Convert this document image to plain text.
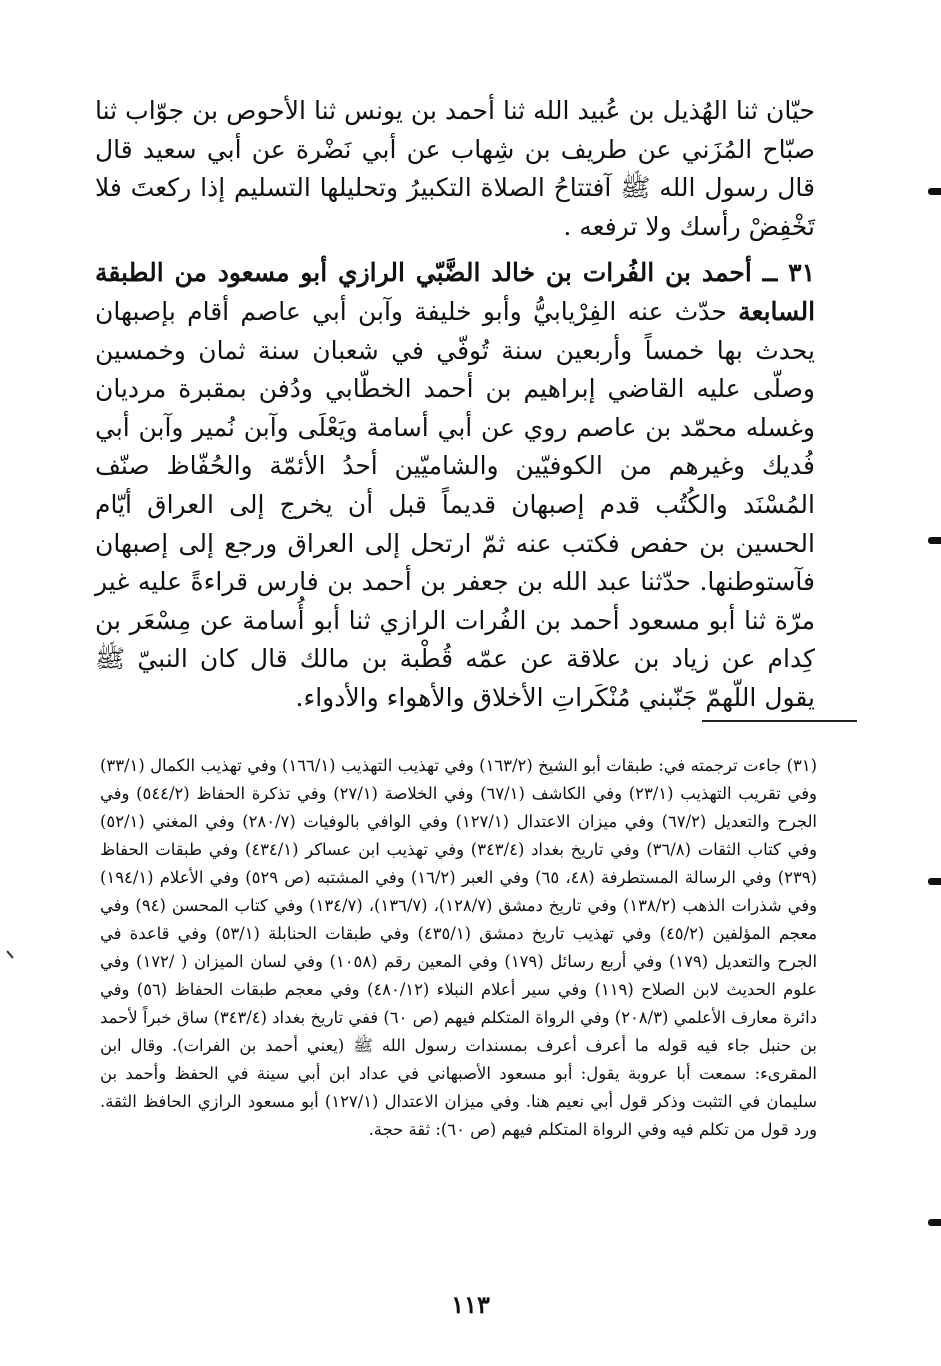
حيّان ثنا الهُذيل بن عُبيد الله ثنا أحمد بن يونس ثنا الأحوص بن جوّاب ثنا صبّاح المُزَني عن طريف بن شِهاب عن أبي نَضْرة عن أبي سعيد قال قال رسول الله ﷺ آفتتاحُ الصلاة التكبيرُ وتحليلها التسليم إذا ركعتَ فلا تَخْفِضْ رأسك ولا ترفعه .

٣١ ــ أحمد بن الفُرات بن خالد الضَّبّي الرازي أبو مسعود من الطبقة السابعة حدّث عنه الفِرْيابيُّ وأبو خليفة وآبن أبي عاصم أقام بإصبهان يحدث بها خمساً وأربعين سنة تُوفّي في شعبان سنة ثمان وخمسين وصلّى عليه القاضي إبراهيم بن أحمد الخطّابي ودُفن بمقبرة مرديان وغسله محمّد بن عاصم روي عن أبي أسامة ويَعْلَى وآبن نُمير وآبن أبي فُديك وغيرهم من الكوفيّين والشاميّين أحدُ الأئمّة والحُفّاظ صنّف المُسْنَد والكُتُب قدم إصبهان قديماً قبل أن يخرج إلى العراق أيّام الحسين بن حفص فكتب عنه ثمّ ارتحل إلى العراق ورجع إلى إصبهان فآستوطنها. حدّثنا عبد الله بن جعفر بن أحمد بن فارس قراءةً عليه غير مرّة ثنا أبو مسعود أحمد بن الفُرات الرازي ثنا أبو أُسامة عن مِسْعَر بن كِدام عن زياد بن علاقة عن عمّه قُطْبة بن مالك قال كان النبيّ ﷺ يقول اللّهمّ جَنّبني مُنْكَراتِ الأخلاق والأهواء والأدواء.

(٣١) جاءت ترجمته في: طبقات أبو الشيخ (١٦٣/٢) وفي تهذيب التهذيب (١٦٦/١) وفي تهذيب الكمال (٣٣/١) وفي تقريب التهذيب (٢٣/١) وفي الكاشف (٦٧/١) وفي الخلاصة (٢٧/١) وفي تذكرة الحفاظ (٥٤٤/٢) وفي الجرح والتعديل (٦٧/٢) وفي ميزان الاعتدال (١٢٧/١) وفي الوافي بالوفيات (٢٨٠/٧) وفي المغني (٥٢/١) وفي كتاب الثقات (٣٦/٨) وفي تاريخ بغداد (٣٤٣/٤) وفي تهذيب ابن عساكر (٤٣٤/١) وفي طبقات الحفاظ (٢٣٩) وفي الرسالة المستطرفة (٤٨، ٦٥) وفي العبر (١٦/٢) وفي المشتبه (ص ٥٢٩) وفي الأعلام (١٩٤/١) وفي شذرات الذهب (١٣٨/٢) وفي تاريخ دمشق (١٢٨/٧)، (١٣٦/٧)، (١٣٤/٧) وفي كتاب المحسن (٩٤) وفي معجم المؤلفين (٤٥/٢) وفي تهذيب تاريخ دمشق (٤٣٥/١) وفي طبقات الحنابلة (٥٣/١) وفي قاعدة في الجرح والتعديل (١٧٩) وفي أربع رسائل (١٧٩) وفي المعين رقم (١٠٥٨) وفي لسان الميزان ( /١٧٢) وفي علوم الحديث لابن الصلاح (١١٩) وفي سير أعلام النبلاء (٤٨٠/١٢) وفي معجم طبقات الحفاظ (٥٦) وفي دائرة معارف الأعلمي (٢٠٨/٣) وفي الرواة المتكلم فيهم (ص ٦٠) ففي تاريخ بغداد (٣٤٣/٤) ساق خبراً لأحمد بن حنبل جاء فيه قوله ما أعرف أعرف بمسندات رسول الله ﷺ (يعني أحمد بن الفرات). وقال ابن المقرىء: سمعت أبا عروبة يقول: أبو مسعود الأصبهاني في عداد ابن أبي سينة في الحفظ وأحمد بن سليمان في التثبت وذكر قول أبي نعيم هنا. وفي ميزان الاعتدال (١٢٧/١) أبو مسعود الرازي الحافظ الثقة. ورد قول من تكلم فيه وفي الرواة المتكلم فيهم (ص ٦٠): ثقة حجة.

١١٣
